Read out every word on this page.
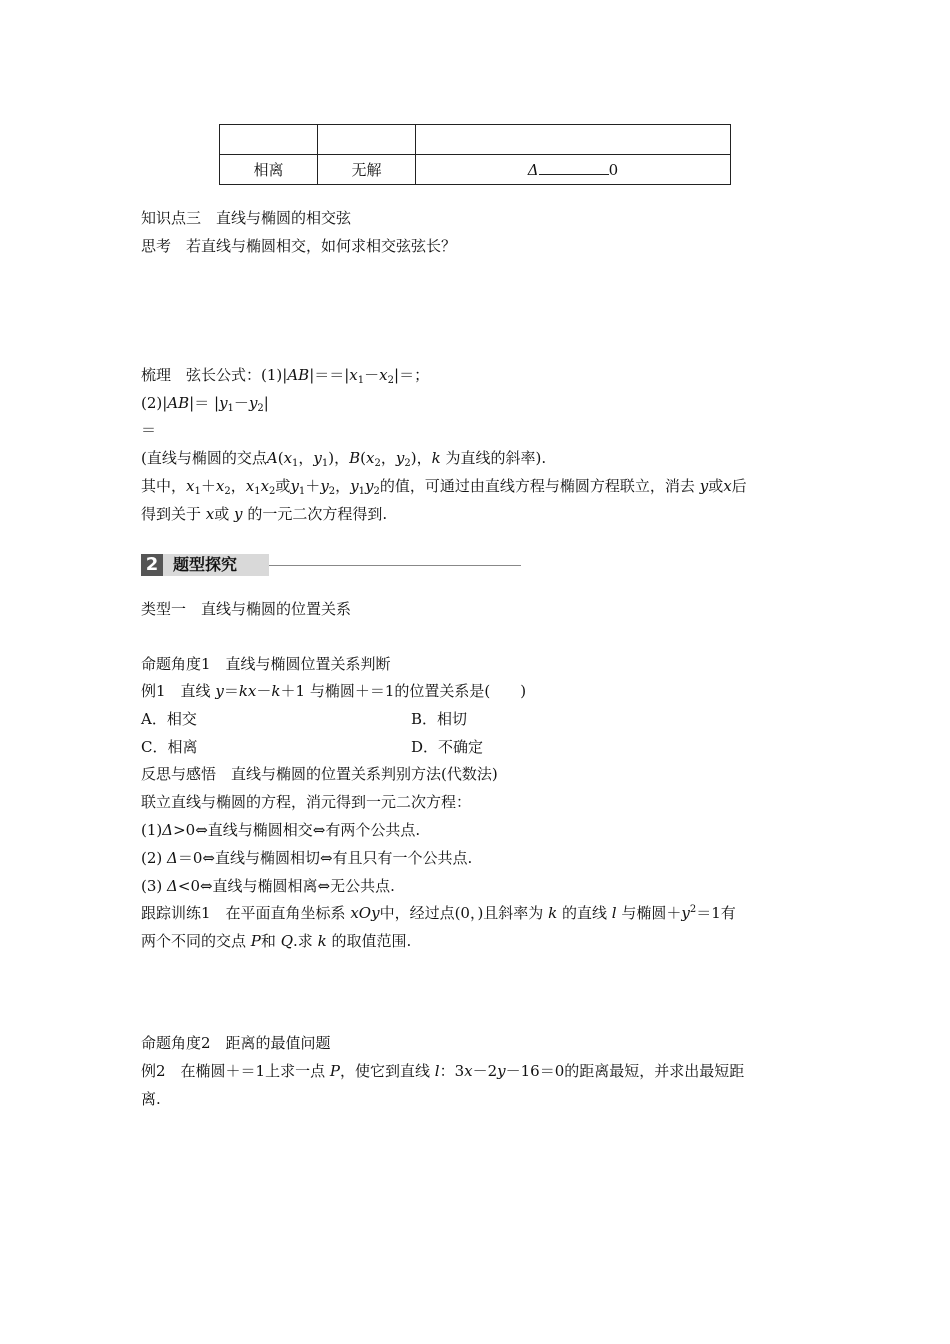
相离	无解	Δ 0
知识点三　直线与椭圆的相交弦
思考　若直线与椭圆相交，如何求相交弦弦长？
梳理　弦长公式：$(1)|AB|==|x_1-x_2|=$；
$(2)|AB|= |y_1-y_2|$
＝
(直线与椭圆的交点$A(x_1$，$y_1$)，$B(x_2$，$y_2$)，k 为直线的斜率).
其中，$x_1+x_2$，$x_1x_2$或$y_1+y_2$，$y_1y_2$的值，可通过由直线方程与椭圆方程联立，消去 y或x后
得到关于 x或 y 的一元二次方程得到.
2 题型探究
类型一　直线与椭圆的位置关系
命题角度1　直线与椭圆位置关系判断
例1　直线 y＝kx－k＋1 与椭圆＋＝1的位置关系是(　　)
A．相交	B．相切
C．相离	D．不确定
反思与感悟　直线与椭圆的位置关系判别方法(代数法)
联立直线与椭圆的方程，消元得到一元二次方程：
(1)Δ>0⇔直线与椭圆相交⇔有两个公共点.
(2) Δ＝0⇔直线与椭圆相切⇔有且只有一个公共点.
(3) Δ<0⇔直线与椭圆相离⇔无公共点.
跟踪训练1　在平面直角坐标系 xOy中，经过点(0，)且斜率为 k 的直线 l 与椭圆$+y^2=1$有
两个不同的交点 P和 Q.求 k 的取值范围.
命题角度2　距离的最值问题
例2　在椭圆＋＝1上求一点 P，使它到直线 l：3x－2y－16＝0的距离最短，并求出最短距
离.
